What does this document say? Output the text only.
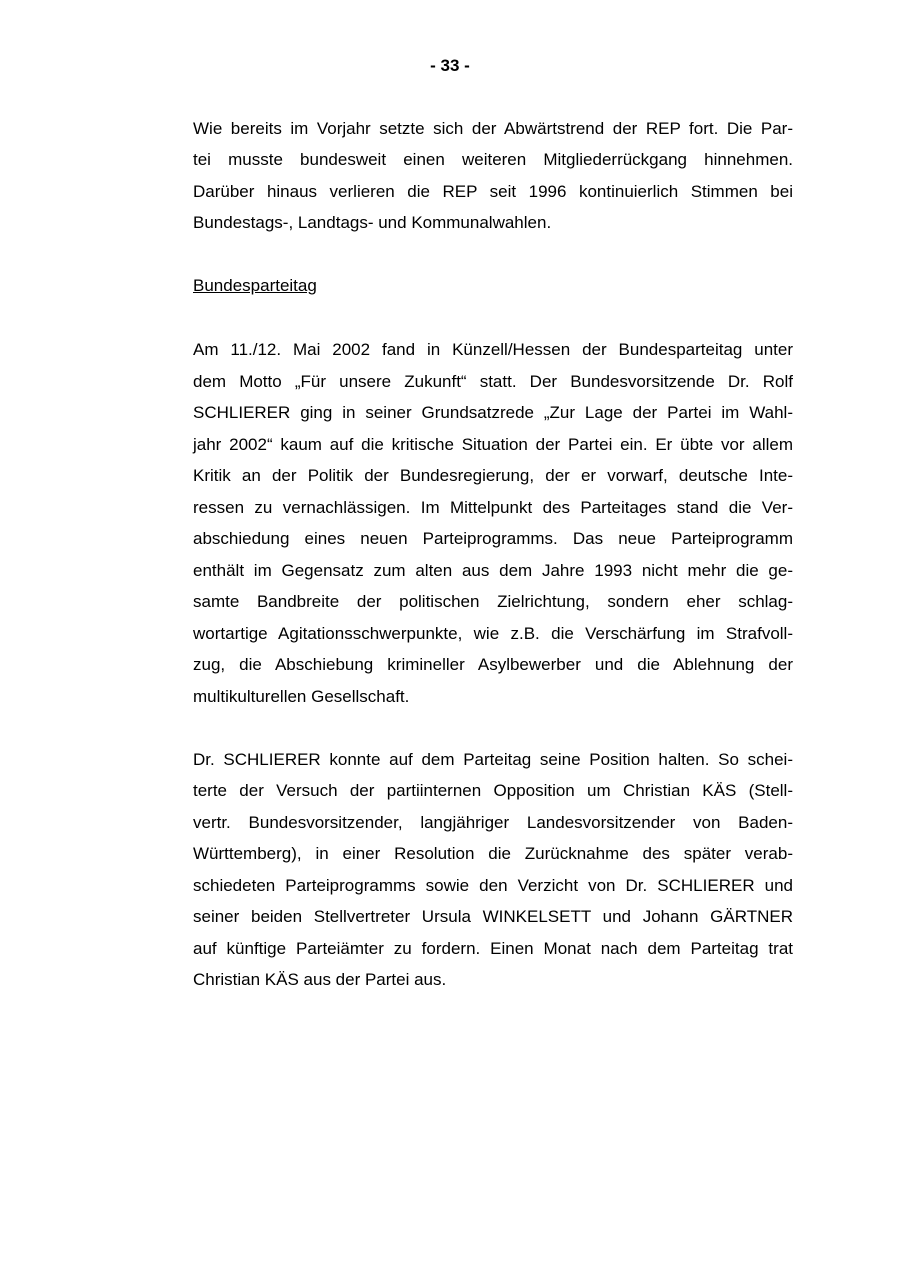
- 33 -
Wie bereits im Vorjahr setzte sich der Abwärtstrend der REP fort. Die Par-
tei musste bundesweit einen weiteren Mitgliederrückgang hinnehmen.
Darüber hinaus verlieren die REP seit 1996 kontinuierlich Stimmen bei
Bundestags-, Landtags- und Kommunalwahlen.
Bundesparteitag
Am 11./12. Mai 2002 fand in Künzell/Hessen der Bundesparteitag unter
dem Motto „Für unsere Zukunft“ statt. Der Bundesvorsitzende Dr. Rolf
SCHLIERER ging in seiner Grundsatzrede „Zur Lage der Partei im Wahl-
jahr 2002“ kaum auf die kritische Situation der Partei ein. Er übte vor allem
Kritik an der Politik der Bundesregierung, der er vorwarf, deutsche Inte-
ressen zu vernachlässigen. Im Mittelpunkt des Parteitages stand die Ver-
abschiedung eines neuen Parteiprogramms. Das neue Parteiprogramm
enthält im Gegensatz zum alten aus dem Jahre 1993 nicht mehr die ge-
samte Bandbreite der politischen Zielrichtung, sondern eher schlag-
wortartige Agitationsschwerpunkte, wie z.B. die Verschärfung im Strafvoll-
zug, die Abschiebung krimineller Asylbewerber und die Ablehnung der
multikulturellen Gesellschaft.
Dr. SCHLIERER konnte auf dem Parteitag seine Position halten. So schei-
terte der Versuch der partiinternen Opposition um Christian KÄS (Stell-
vertr. Bundesvorsitzender, langjähriger Landesvorsitzender von Baden-
Württemberg), in einer Resolution die Zurücknahme des später verab-
schiedeten Parteiprogramms sowie den Verzicht von Dr. SCHLIERER und
seiner beiden Stellvertreter Ursula WINKELSETT und Johann GÄRTNER
auf künftige Parteiämter zu fordern. Einen Monat nach dem Parteitag trat
Christian KÄS aus der Partei aus.
